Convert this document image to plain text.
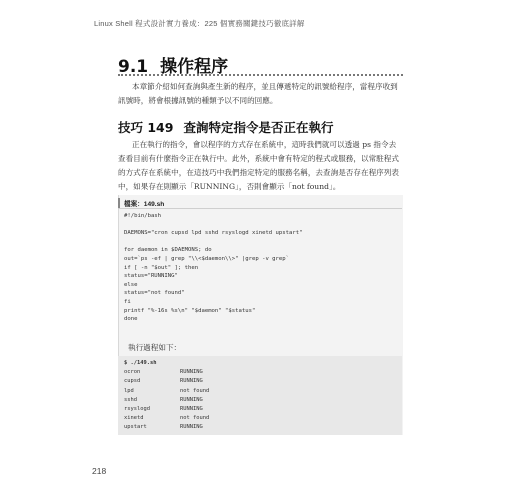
Linux Shell 程式設計實力養成：225 個實務關鍵技巧徹底詳解
9.1 操作程序
本章節介紹如何查詢與產生新的程序，並且傳遞特定的訊號給程序，當程序收到訊號時，將會根據訊號的種類予以不同的回應。
技巧 149 查詢特定指令是否正在執行
正在執行的指令，會以程序的方式存在系統中，這時我們就可以透過 ps 指令去查看目前有什麼指令正在執行中。此外，系統中會有特定的程式或服務，以常駐程式的方式存在系統中，在這技巧中我們指定特定的服務名稱，去查詢是否存在程序列表中，如果存在則顯示「RUNNING」，否則會顯示「not found」。
檔案：149.sh
#!/bin/bash

DAEMONS="cron cupsd lpd sshd rsyslogd xinetd upstart"

for daemon in $DAEMONS; do
out=`ps -ef | grep "\\<$daemon\\>" |grep -v grep`
if [ -n "$out" ]; then
status="RUNNING"
else
status="not found"
fi
printf "%-16s %s\n" "$daemon" "$status"
done
執行過程如下：
218
$ ./149.sh
ocron	RUNNING
cupsd	RUNNING
lpd	not found
sshd	RUNNING
rsyslogd	RUNNING
xinetd	not found
upstart	RUNNING
